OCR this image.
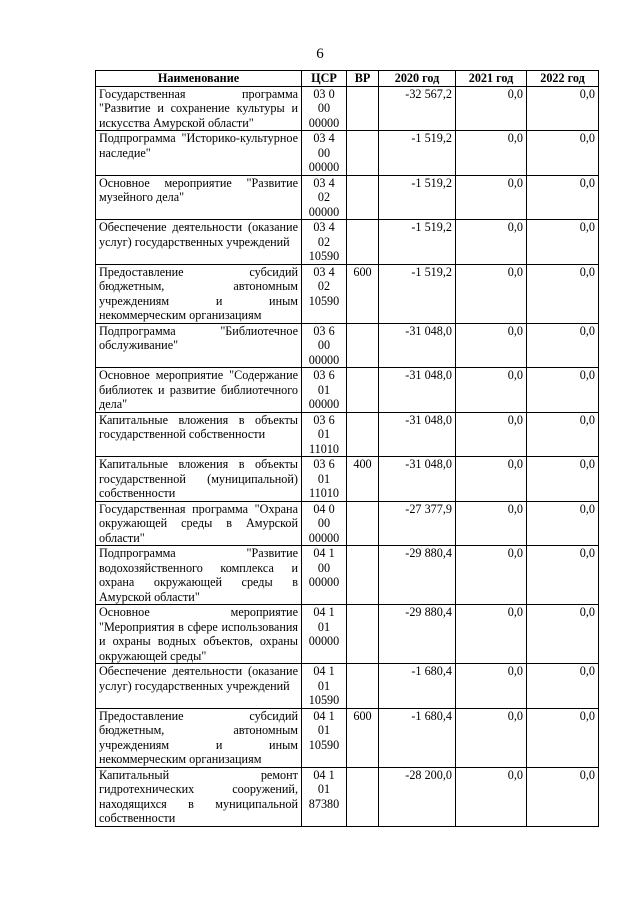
6
Наименование	ЦСР	ВР	2020 год	2021 год	2022 год
Государственная программа "Развитие и сохранение культуры и искусства Амурской области"	03 0
00
00000		-32 567,2	0,0	0,0
Подпрограмма "Историко-культурное наследие"	03 4
00
00000		-1 519,2	0,0	0,0
Основное мероприятие "Развитие музейного дела"	03 4
02
00000		-1 519,2	0,0	0,0
Обеспечение деятельности (оказание услуг) государственных учреждений	03 4
02
10590		-1 519,2	0,0	0,0
Предоставление субсидий бюджетным, автономным учреждениям и иным некоммерческим организациям	03 4
02
10590	600	-1 519,2	0,0	0,0
Подпрограмма "Библиотечное обслуживание"	03 6
00
00000		-31 048,0	0,0	0,0
Основное мероприятие "Содержание библиотек и развитие библиотечного дела"	03 6
01
00000		-31 048,0	0,0	0,0
Капитальные вложения в объекты государственной собственности	03 6
01
11010		-31 048,0	0,0	0,0
Капитальные вложения в объекты государственной (муниципальной) собственности	03 6
01
11010	400	-31 048,0	0,0	0,0
Государственная программа "Охрана окружающей среды в Амурской области"	04 0
00
00000		-27 377,9	0,0	0,0
Подпрограмма "Развитие водохозяйственного комплекса и охрана окружающей среды в Амурской области"	04 1
00
00000		-29 880,4	0,0	0,0
Основное мероприятие "Мероприятия в сфере использования и охраны водных объектов, охраны окружающей среды"	04 1
01
00000		-29 880,4	0,0	0,0
Обеспечение деятельности (оказание услуг) государственных учреждений	04 1
01
10590		-1 680,4	0,0	0,0
Предоставление субсидий бюджетным, автономным учреждениям и иным некоммерческим организациям	04 1
01
10590	600	-1 680,4	0,0	0,0
Капитальный ремонт гидротехнических сооружений, находящихся в муниципальной собственности	04 1
01
87380		-28 200,0	0,0	0,0
